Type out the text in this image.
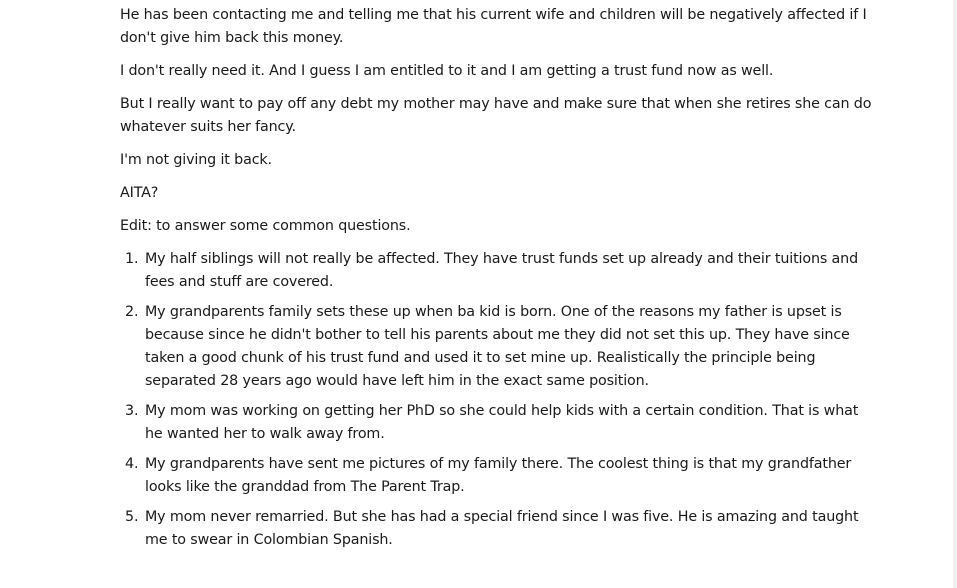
He has been contacting me and telling me that his current wife and children will be negatively affected if I don't give him back this money.

I don't really need it. And I guess I am entitled to it and I am getting a trust fund now as well.

But I really want to pay off any debt my mother may have and make sure that when she retires she can do whatever suits her fancy.

I'm not giving it back.

AITA?

Edit: to answer some common questions.

1. My half siblings will not really be affected. They have trust funds set up already and their tuitions and fees and stuff are covered.
2. My grandparents family sets these up when ba kid is born. One of the reasons my father is upset is because since he didn't bother to tell his parents about me they did not set this up. They have since taken a good chunk of his trust fund and used it to set mine up. Realistically the principle being separated 28 years ago would have left him in the exact same position.
3. My mom was working on getting her PhD so she could help kids with a certain condition. That is what he wanted her to walk away from.
4. My grandparents have sent me pictures of my family there. The coolest thing is that my grandfather looks like the granddad from The Parent Trap.
5. My mom never remarried. But she has had a special friend since I was five. He is amazing and taught me to swear in Colombian Spanish.
